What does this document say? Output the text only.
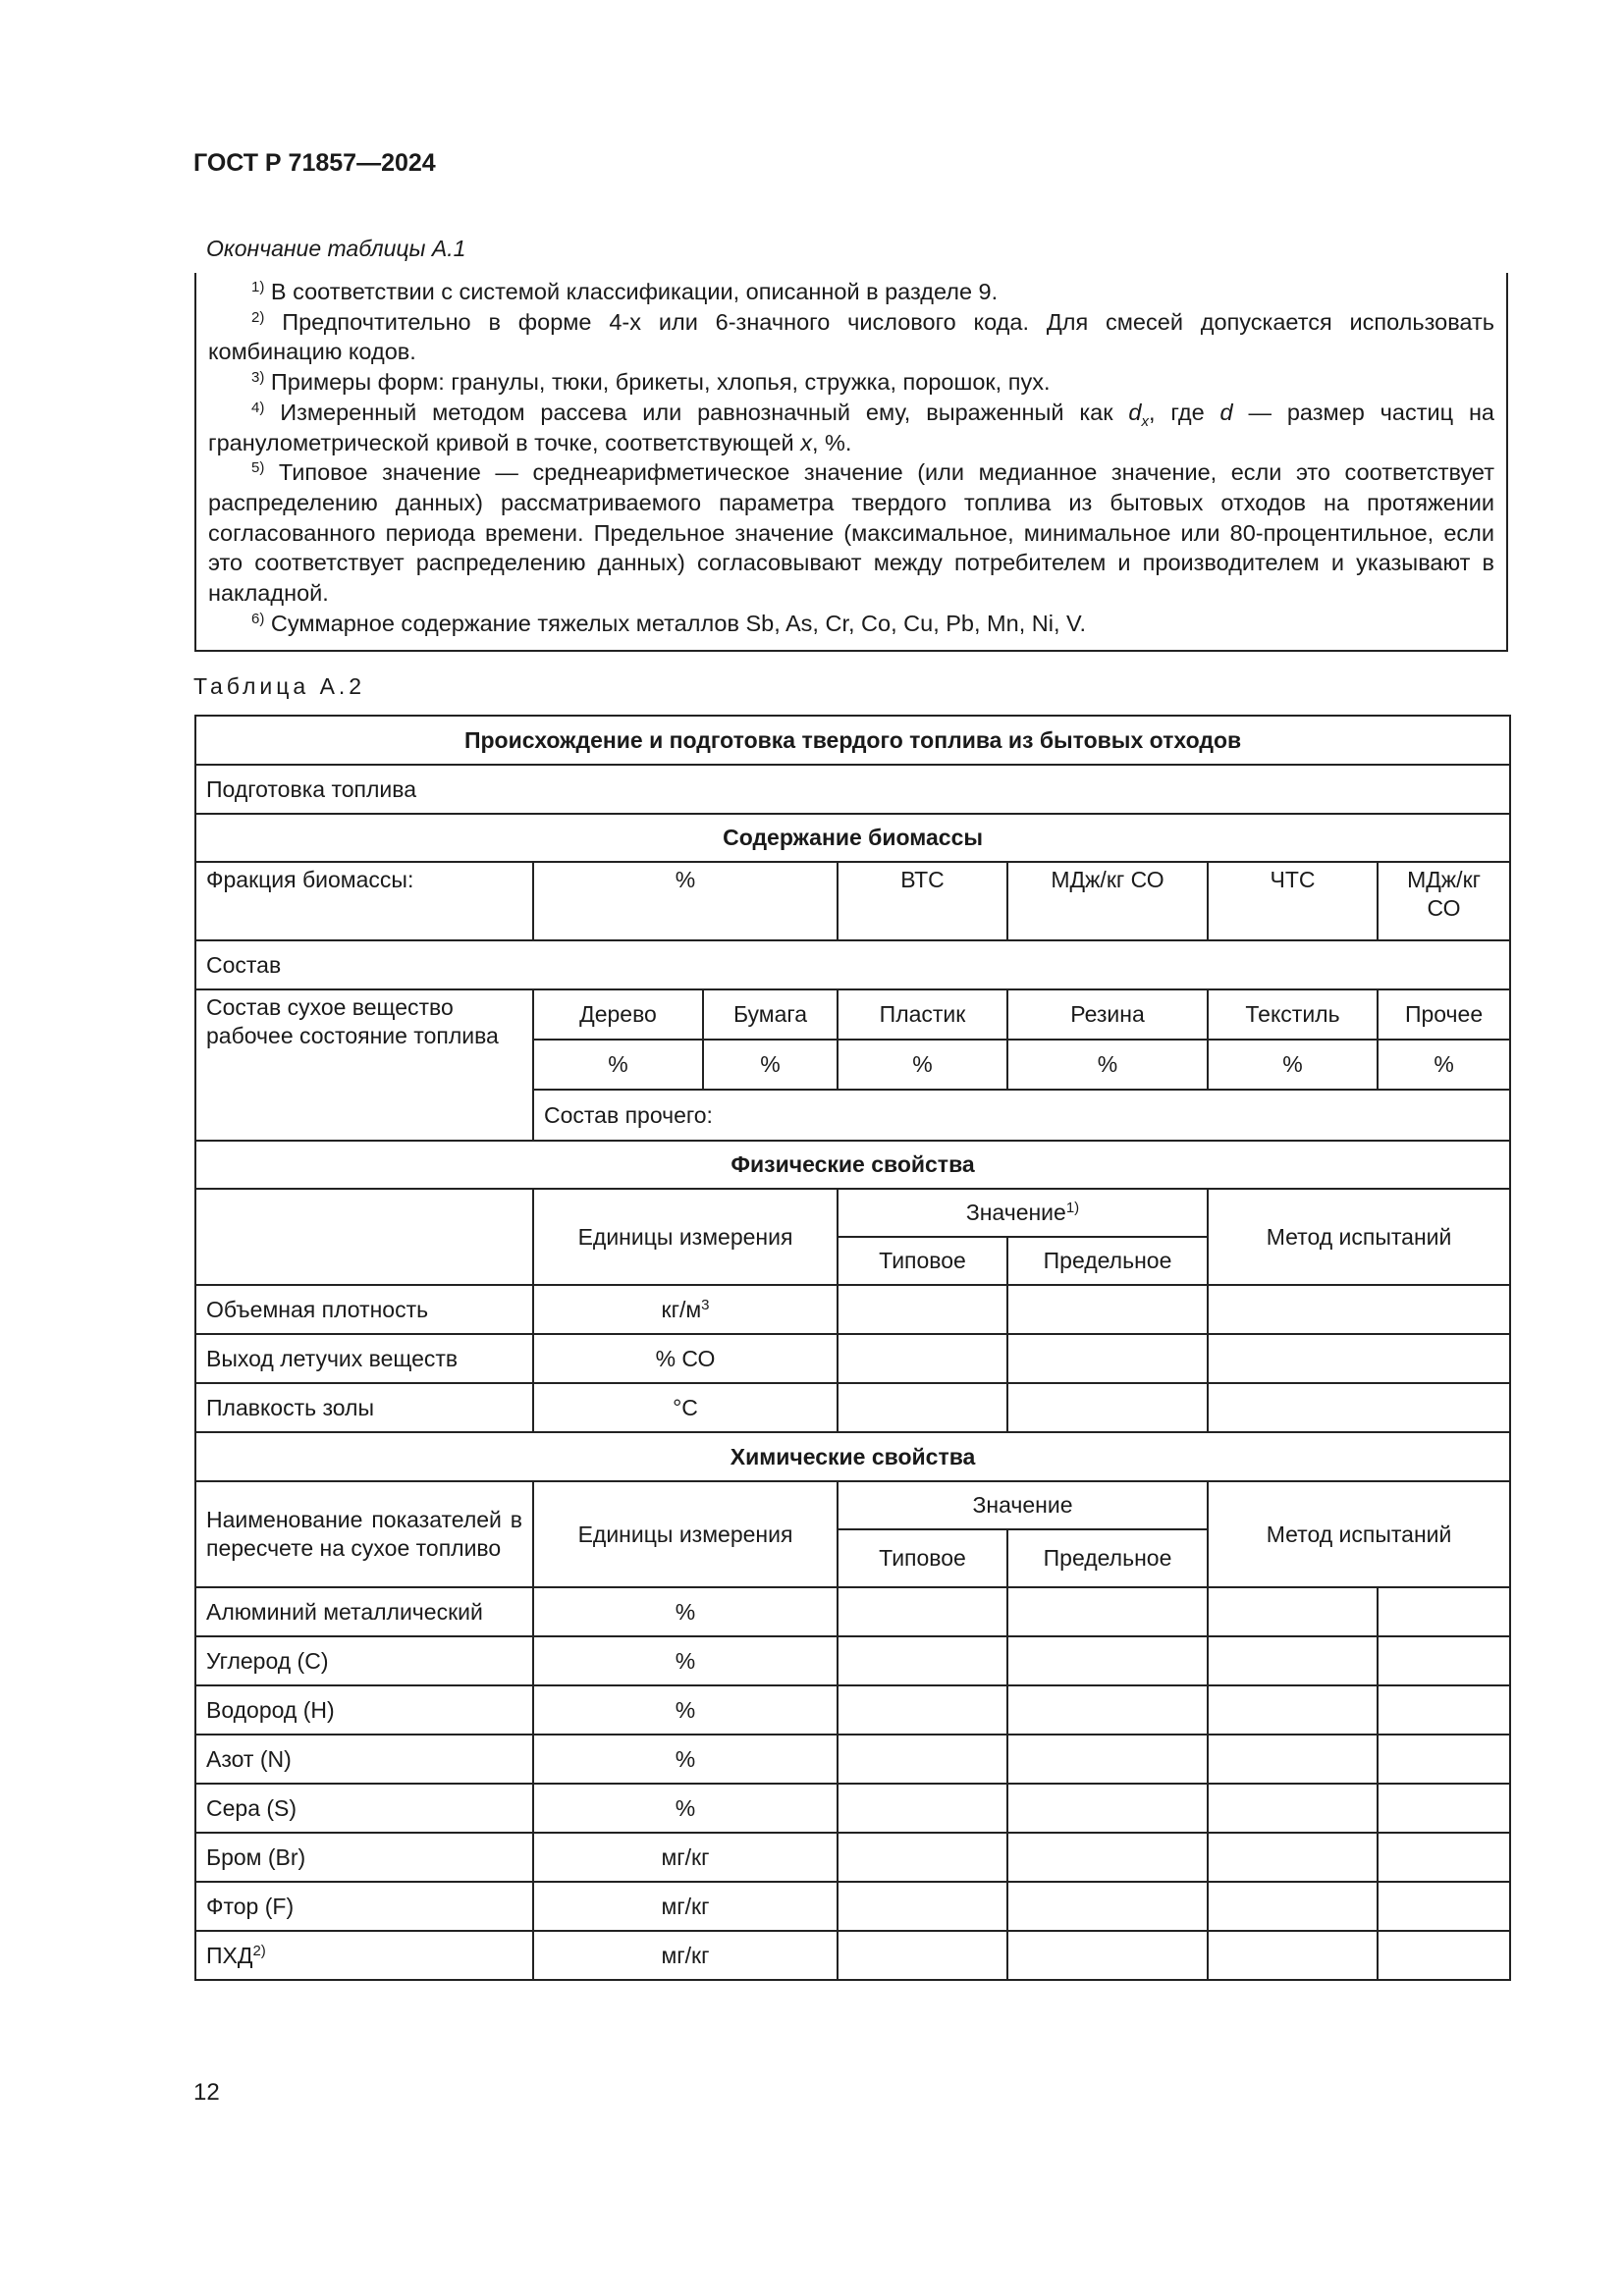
ГОСТ Р 71857—2024
Окончание таблицы А.1

$^{1)}$ В соответствии с системой классификации, описанной в разделе 9.

$^{2)}$ Предпочтительно в форме 4-х или 6-значного числового кода. Для смесей допускается использовать комбинацию кодов.

$^{3)}$ Примеры форм: гранулы, тюки, брикеты, хлопья, стружка, порошок, пух.

$^{4)}$ Измеренный методом рассева или равнозначный ему, выраженный как $d_x$, где d — размер частиц на гранулометрической кривой в точке, соответствующей x, %.

$^{5)}$ Типовое значение — среднеарифметическое значение (или медианное значение, если это соответствует распределению данных) рассматриваемого параметра твердого топлива из бытовых отходов на протяжении согласованного периода времени. Предельное значение (максимальное, минимальное или 80-процентильное, если это соответствует распределению данных) согласовывают между потребителем и производителем и указывают в накладной.

$^{6)}$ Суммарное содержание тяжелых металлов Sb, As, Cr, Co, Cu, Pb, Mn, Ni, V.

Таблица А.2
Происхождение и подготовка твердого топлива из бытовых отходов						
Подготовка топлива						
Содержание биомассы						
Фракция биомассы:	%		ВТС	МДж/кг СО	ЧТС	МДж/кг СО
Состав						
Состав сухое вещество рабочее состояние топлива	Дерево	Бумага	Пластик	Резина	Текстиль	Прочее
	%	%	%	%	%	%
	Состав прочего:					
Физические свойства						
	Единицы измерения		Значение$^{1)}$		Метод испытаний	
			Типовое	Предельное		
Объемная плотность	$кг/м^3$			
Выход летучих веществ	% СО					
Плавкость золы	°С					
Химические свойства						
Наименование показателей в пересчете на сухое топливо	Единицы измерения		Значение		Метод испытаний	
			Типовое	Предельное		
Алюминий металлический	%					
Углерод (С)	%					
Водород (Н)	%					
Азот (N)	%					
Сера (S)	%					
Бром (Br)	мг/кг					
Фтор (F)	мг/кг					
ПХД$^{2)}$	мг/кг					
12
